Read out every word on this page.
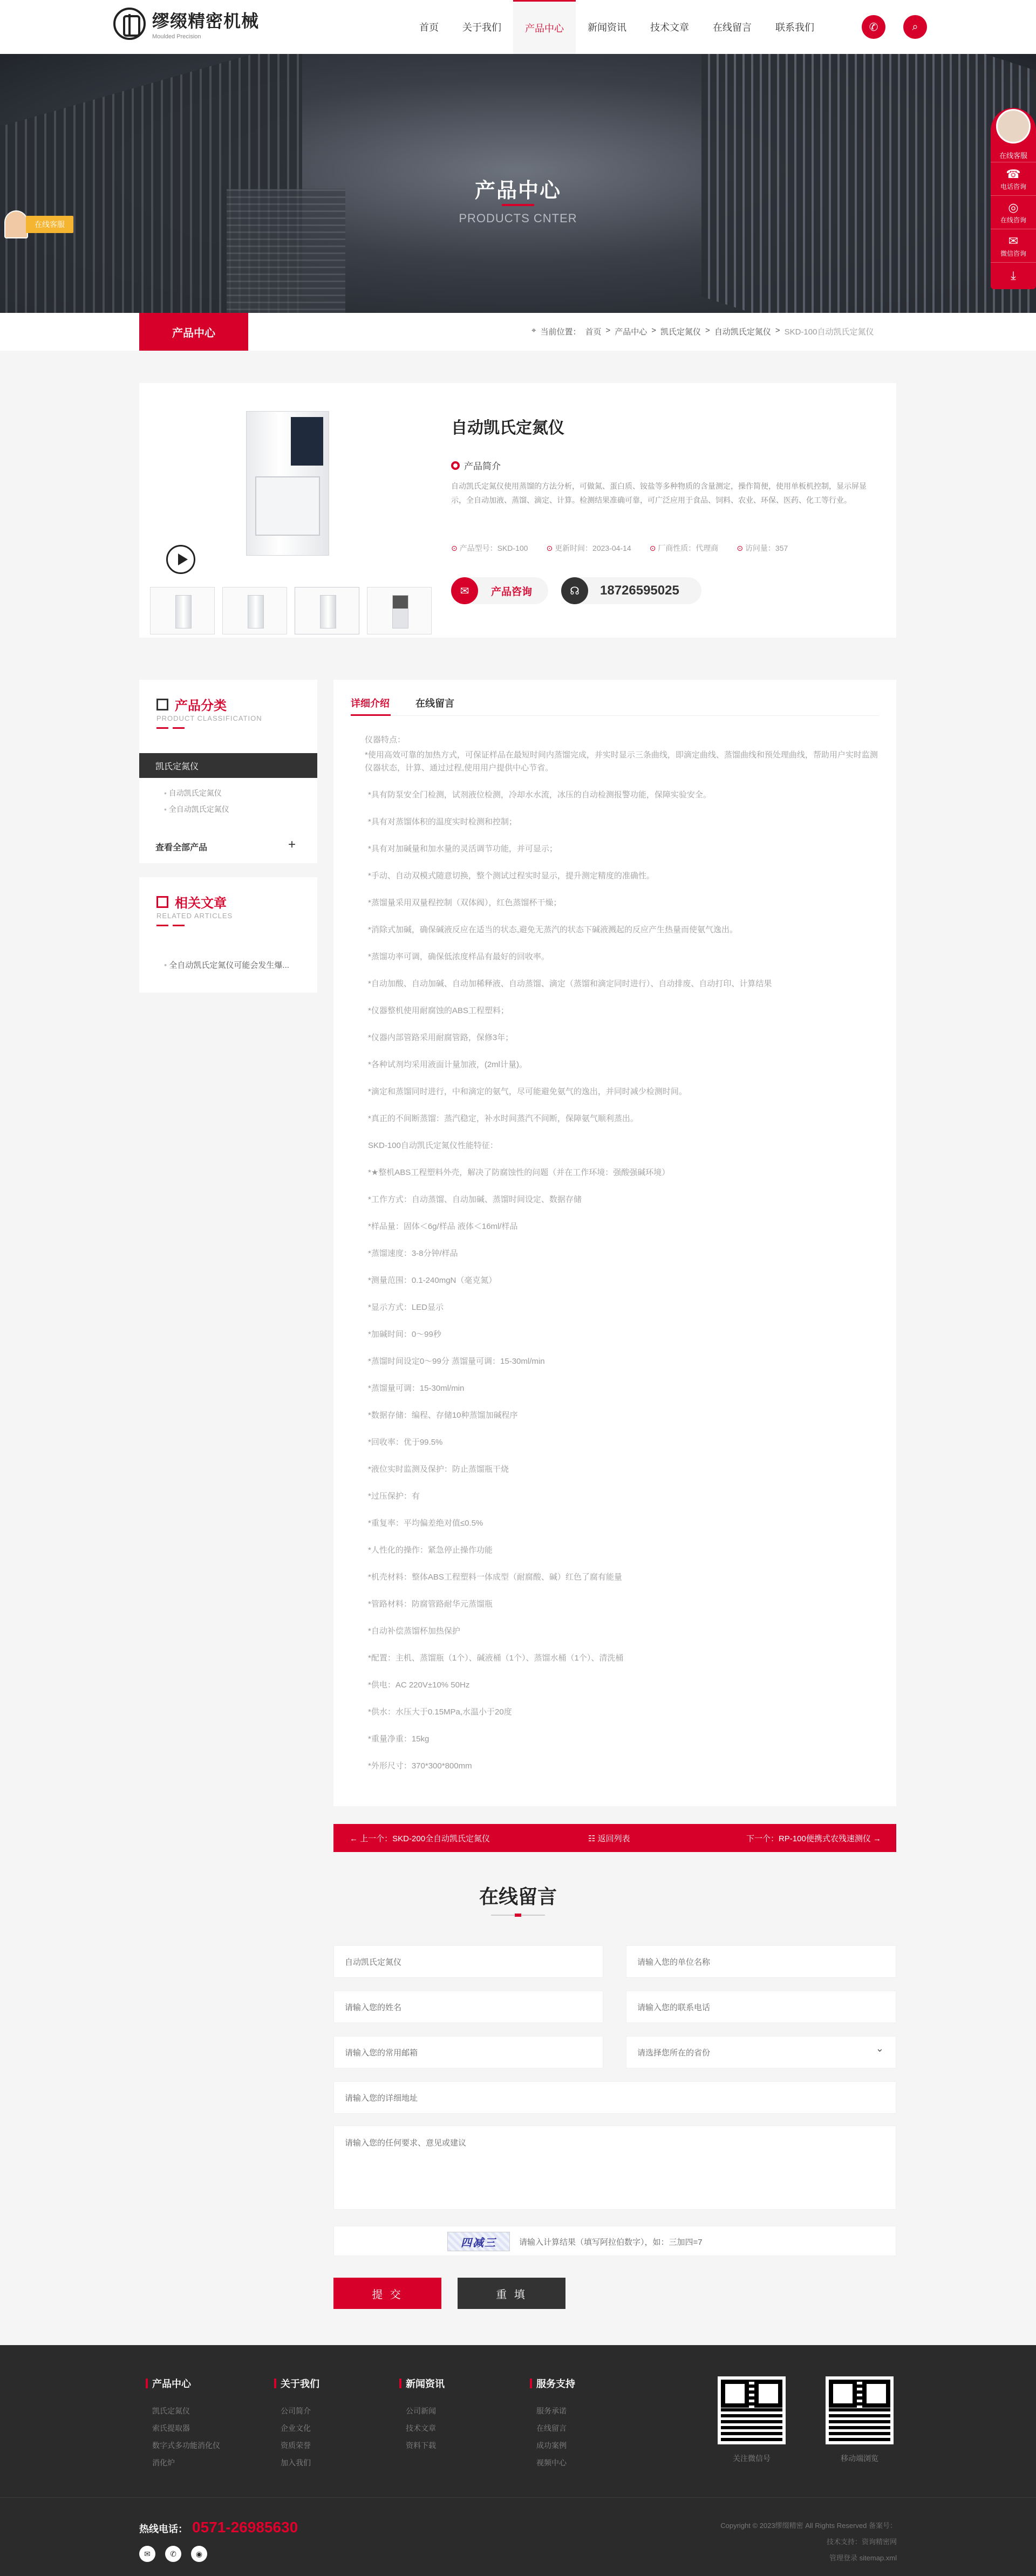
缪缀精密机械
Moulded Precision
首页	关于我们	产品中心	新闻资讯	技术文章	在线留言	联系我们	✆	⌕
产品中心
PRODUCTS CNTER
在线客服
产品中心	⌖ 当前位置： 首页 > 产品中心 > 凯氏定氮仪 > 自动凯氏定氮仪 > SKD-100自动凯氏定氮仪
自动凯氏定氮仪
产品简介
自动凯氏定氮仪使用蒸馏的方法分析，可做氮、蛋白质、铵盐等多种物质的含量测定，操作简便，使用单板机控制，显示屏显示，全自动加液、蒸馏、滴定、计算。检测结果准确可靠，可广泛应用于食品、饲料、农业、环保、医药、化工等行业。
⊙ 产品型号：SKD-100	⊙ 更新时间：2023-04-14	⊙ 厂商性质：代理商	⊙ 访问量：357
✉	产品咨询	☊	18726595025
产品分类
PRODUCT CLASSIFICATION
凯氏定氮仪
• 自动凯氏定氮仪
• 全自动凯氏定氮仪
查看全部产品	+
相关文章
RELATED ARTICLES
• 全自动凯氏定氮仪可能会发生爆...
详细介绍	在线留言

仪器特点：

*使用高效可靠的加热方式，可保证样品在最短时间内蒸馏完成，并实时显示三条曲线，即滴定曲线、蒸馏曲线和预处理曲线，帮助用户实时监测仪器状态，计算、通过过程,使用用户提供中心节省。

*具有防泵安全门检测，试剂液位检测，冷却水水流，冰压的自动检测报警功能，保障实验安全。

*具有对蒸馏体积的温度实时检测和控制；

*具有对加碱量和加水量的灵活调节功能，并可显示；

*手动、自动双模式随意切换，整个测试过程实时显示，提升测定精度的准确性。

*蒸馏量采用双量程控制（双体阀），红色蒸馏杯干燥；

*消除式加碱，确保碱液反应在适当的状态,避免无蒸汽的状态下碱液溅起的反应产生热量而使氨气逸出。

*蒸馏功率可调，确保低浓度样品有最好的回收率。

*自动加酸、自动加碱、自动加稀释液、自动蒸馏、滴定（蒸馏和滴定同时进行）、自动排废、自动打印、计算结果

*仪器整机使用耐腐蚀的ABS工程塑料；

*仪器内部管路采用耐腐管路，保修3年；

*各种试剂均采用液面计量加液，(2ml计量)。

*滴定和蒸馏同时进行，中和滴定的氨气，尽可能避免氨气的逸出，并同时减少检测时间。

*真正的不间断蒸馏：蒸汽稳定，补水时间蒸汽不间断，保障氨气顺利蒸出。

SKD-100自动凯氏定氮仪性能特征：

*★整机ABS工程塑料外壳，解决了防腐蚀性的问题（并在工作环境：强酸强碱环境）

*工作方式：自动蒸馏、自动加碱、蒸馏时间设定、数据存储

*样品量：固体＜6g/样品 液体＜16ml/样品

*蒸馏速度：3-8分钟/样品

*测量范围：0.1-240mgN（毫克氮）

*显示方式：LED显示

*加碱时间：0～99秒

*蒸馏时间设定0～99分 蒸馏量可调：15-30ml/min

*蒸馏量可调：15-30ml/min

*数据存储：编程、存储10种蒸馏加碱程序

*回收率：优于99.5%

*液位实时监测及保护：防止蒸馏瓶干烧

*过压保护：有

*重复率：平均偏差绝对值≤0.5%

*人性化的操作：紧急停止操作功能

*机壳材料：整体ABS工程塑料一体成型（耐腐酸、碱）红色了腐有能量

*管路材料：防腐管路耐华元蒸馏瓶

*自动补偿蒸馏杯加热保护

*配置：主机、蒸馏瓶（1个）、碱液桶（1个）、蒸馏水桶（1个）、清洗桶

*供电：AC 220V±10% 50Hz

*供水：水压大于0.15MPa,水温小于20度

*重量净重：15kg

*外形尺寸：370*300*800mm

← 上一个：SKD-200全自动凯氏定氮仪	☷ 返回列表	下一个：RP-100便携式农残速测仪 →
在线留言
自动凯氏定氮仪	请输入您的单位名称
请输入您的姓名	请输入您的联系电话
请输入您的常用邮箱	请选择您所在的省份 ⌄
请输入您的详细地址
请输入您的任何要求、意见或建议
四减三	请输入计算结果（填写阿拉伯数字），如：三加四=7
提 交	重 填
产品中心
凯氏定氮仪
索氏提取器
数字式多功能消化仪
消化炉
关于我们
公司简介
企业文化
资质荣誉
加入我们
新闻资讯
公司新闻
技术文章
资料下载
服务支持
服务承诺
在线留言
成功案例
视频中心	关注微信号	移动端浏览
热线电话： 0571-26985630
✉	✆	◉
Copyright © 2023缪缀精密 All Rights Reserved 备案号：
技术支持：资询精密网
管理登录 sitemap.xml
在线客服
☎
电话咨询
◎
在线咨询
✉
微信咨询
⤓
